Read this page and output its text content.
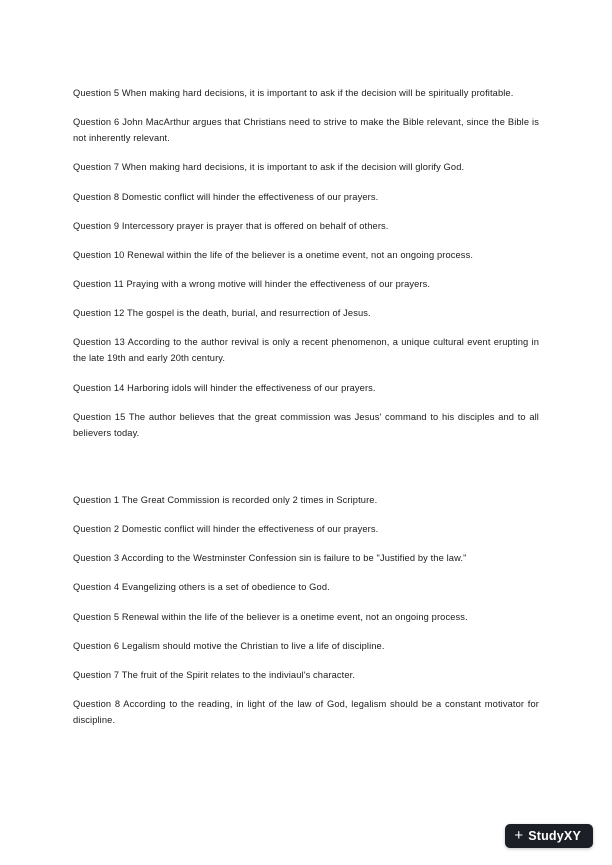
Question 5 When making hard decisions, it is important to ask if the decision will be spiritually profitable.

Question 6 John MacArthur argues that Christians need to strive to make the Bible relevant, since the Bible is not inherently relevant.

Question 7 When making hard decisions, it is important to ask if the decision will glorify God.

Question 8 Domestic conflict will hinder the effectiveness of our prayers.

Question 9 Intercessory prayer is prayer that is offered on behalf of others.

Question 10 Renewal within the life of the believer is a onetime event, not an ongoing process.

Question 11 Praying with a wrong motive will hinder the effectiveness of our prayers.

Question 12 The gospel is the death, burial, and resurrection of Jesus.

Question 13 According to the author revival is only a recent phenomenon, a unique cultural event erupting in the late 19th and early 20th century.

Question 14 Harboring idols will hinder the effectiveness of our prayers.

Question 15 The author believes that the great commission was Jesus' command to his disciples and to all believers today.

Question 1 The Great Commission is recorded only 2 times in Scripture.

Question 2 Domestic conflict will hinder the effectiveness of our prayers.

Question 3 According to the Westminster Confession sin is failure to be "Justified by the law."

Question 4 Evangelizing others is a set of obedience to God.

Question 5 Renewal within the life of the believer is a onetime event, not an ongoing process.

Question 6 Legalism should motive the Christian to live a life of discipline.

Question 7 The fruit of the Spirit relates to the indiviaul's character.

Question 8 According to the reading, in light of the law of God, legalism should be a constant motivator for discipline.

+ Study XY
